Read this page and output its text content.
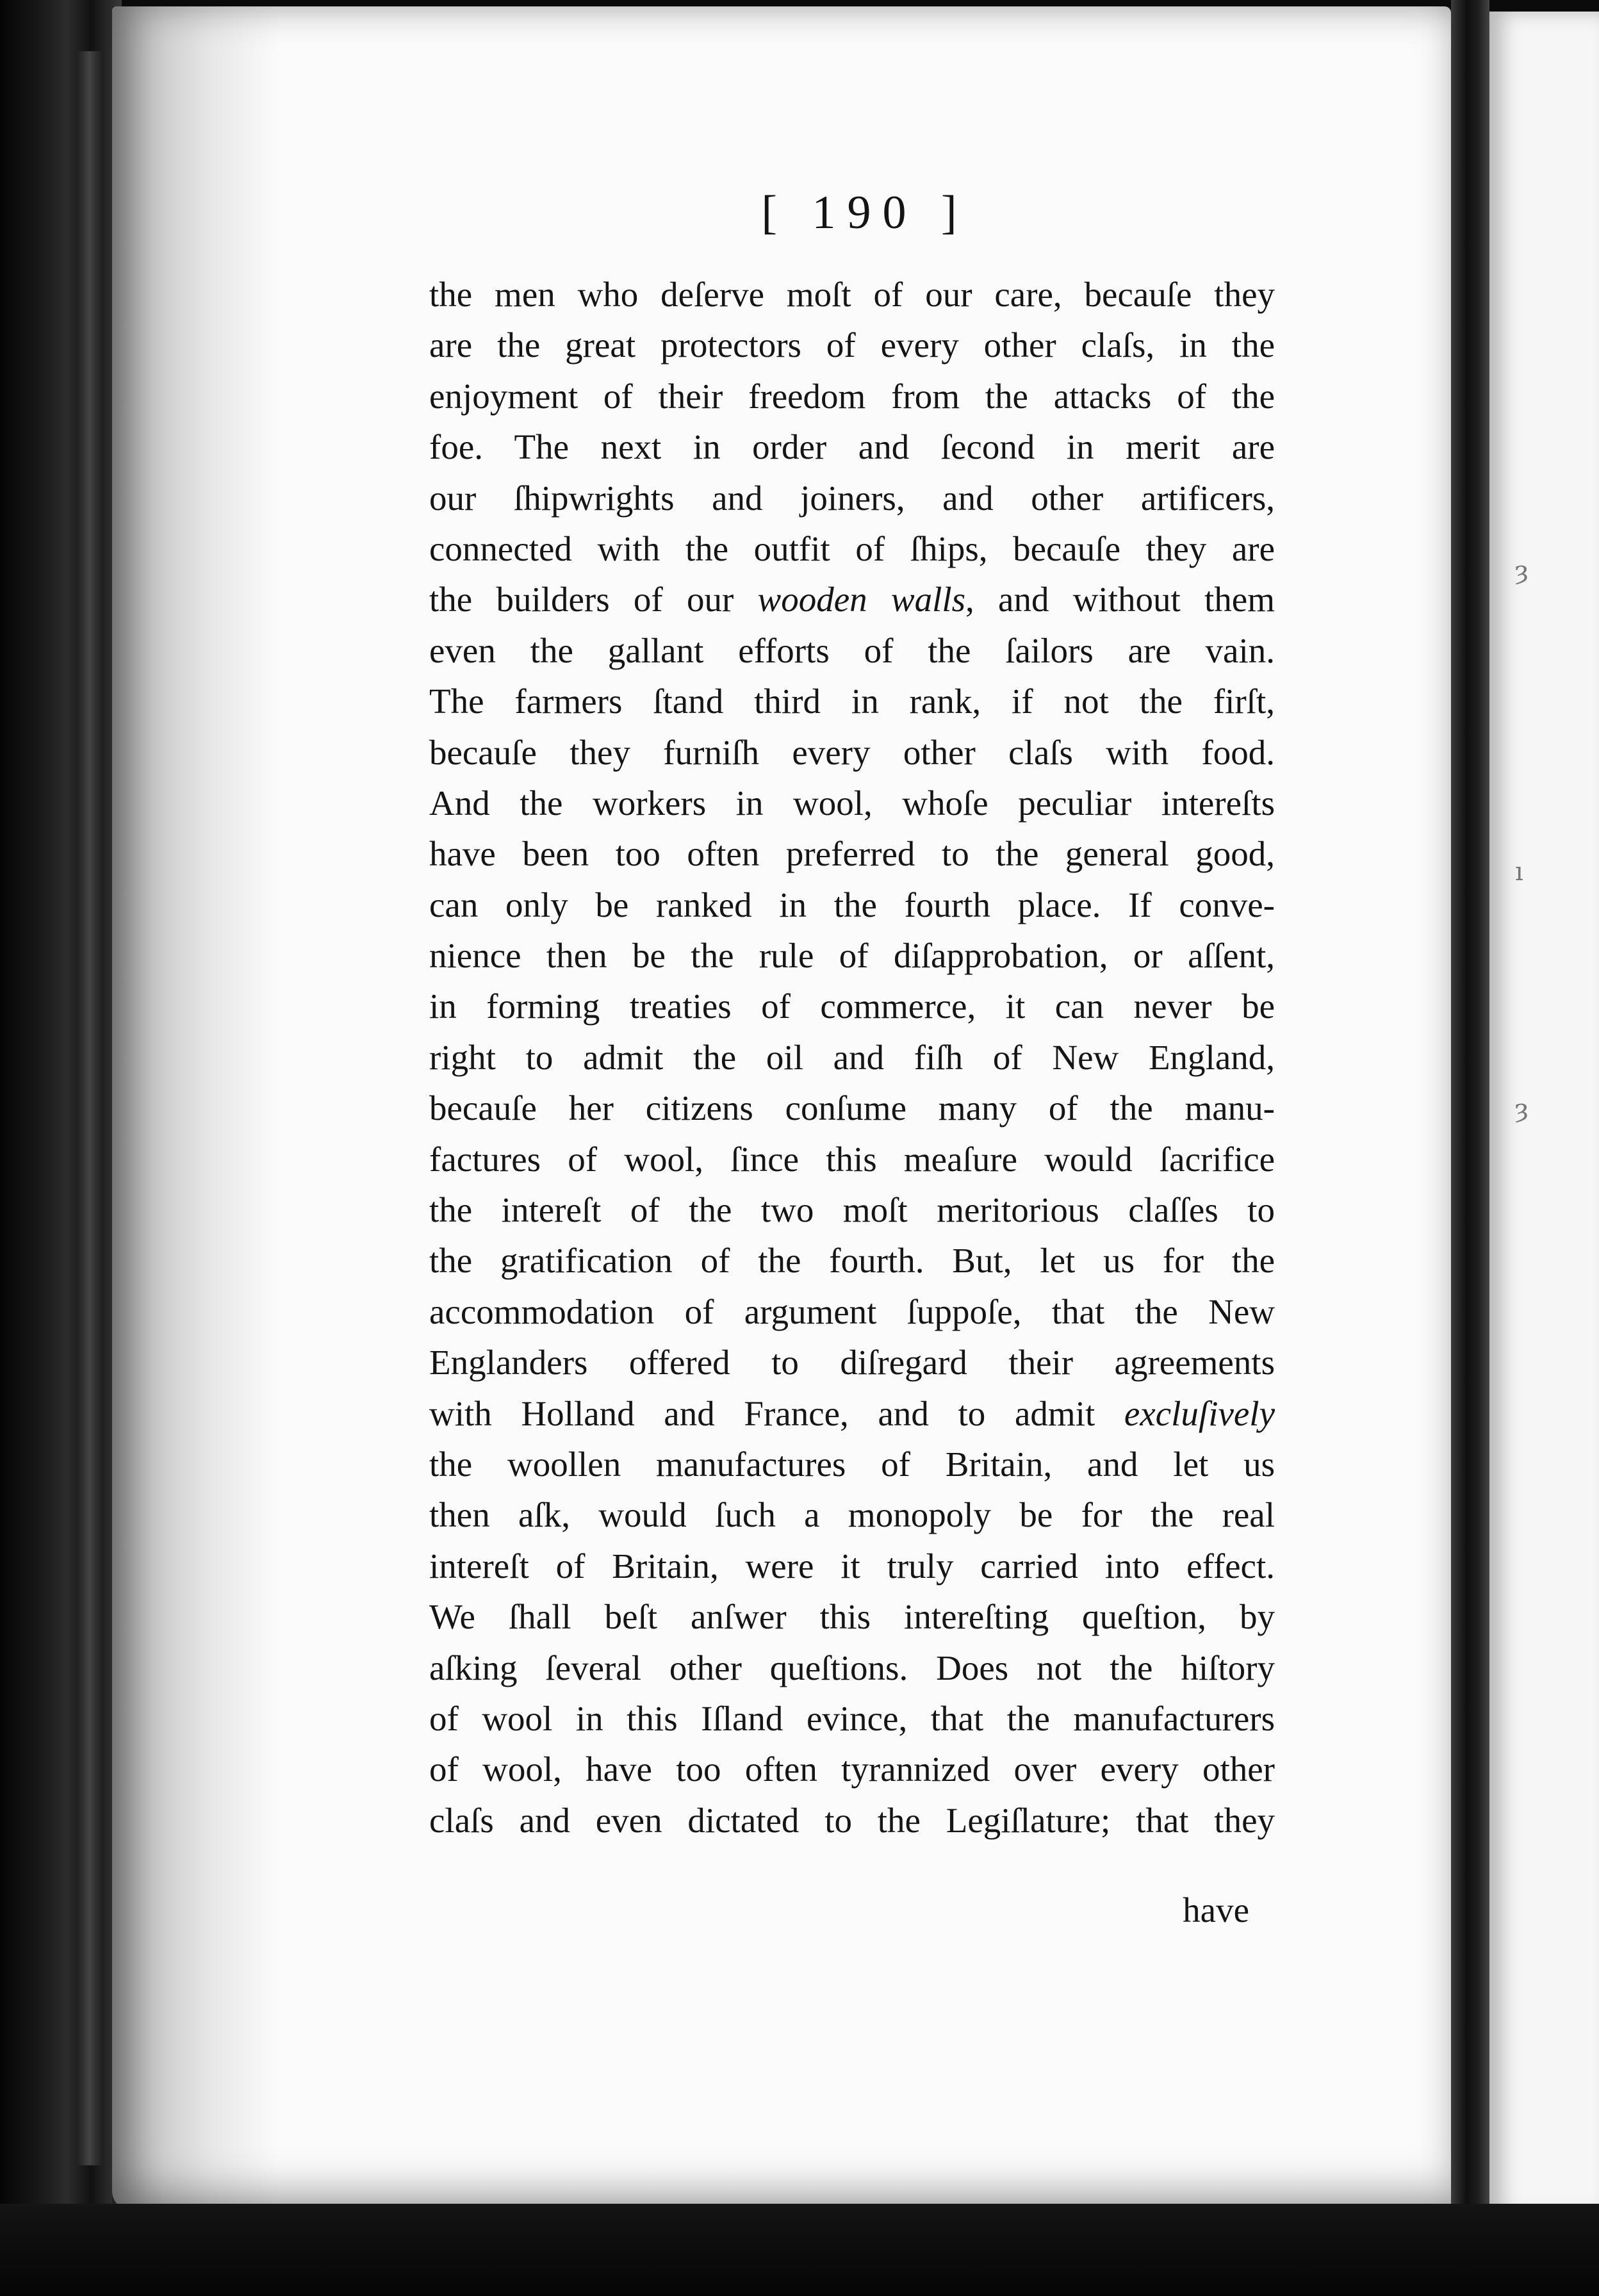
ȝ
ı
ȝ
[ 190 ]
the men who deſerve moſt of our care, becauſe they
are the great protectors of every other claſs, in the
enjoyment of their freedom from the attacks of the
foe. The next in order and ſecond in merit are
our ſhipwrights and joiners, and other artificers,
connected with the outfit of ſhips, becauſe they are
the builders of our wooden walls, and without them
even the gallant efforts of the ſailors are vain.
The farmers ſtand third in rank, if not the firſt,
becauſe they furniſh every other claſs with food.
And the workers in wool, whoſe peculiar intereſts
have been too often preferred to the general good,
can only be ranked in the fourth place. If conve-
nience then be the rule of diſapprobation, or aſſent,
in forming treaties of commerce, it can never be
right to admit the oil and fiſh of New England,
becauſe her citizens conſume many of the manu-
factures of wool, ſince this meaſure would ſacrifice
the intereſt of the two moſt meritorious claſſes to
the gratification of the fourth. But, let us for the
accommodation of argument ſuppoſe, that the New
Englanders offered to diſregard their agreements
with Holland and France, and to admit excluſively
the woollen manufactures of Britain, and let us
then aſk, would ſuch a monopoly be for the real
intereſt of Britain, were it truly carried into effect.
We ſhall beſt anſwer this intereſting queſtion, by
aſking ſeveral other queſtions. Does not the hiſtory
of wool in this Iſland evince, that the manufacturers
of wool, have too often tyrannized over every other
claſs and even dictated to the Legiſlature; that they
have
